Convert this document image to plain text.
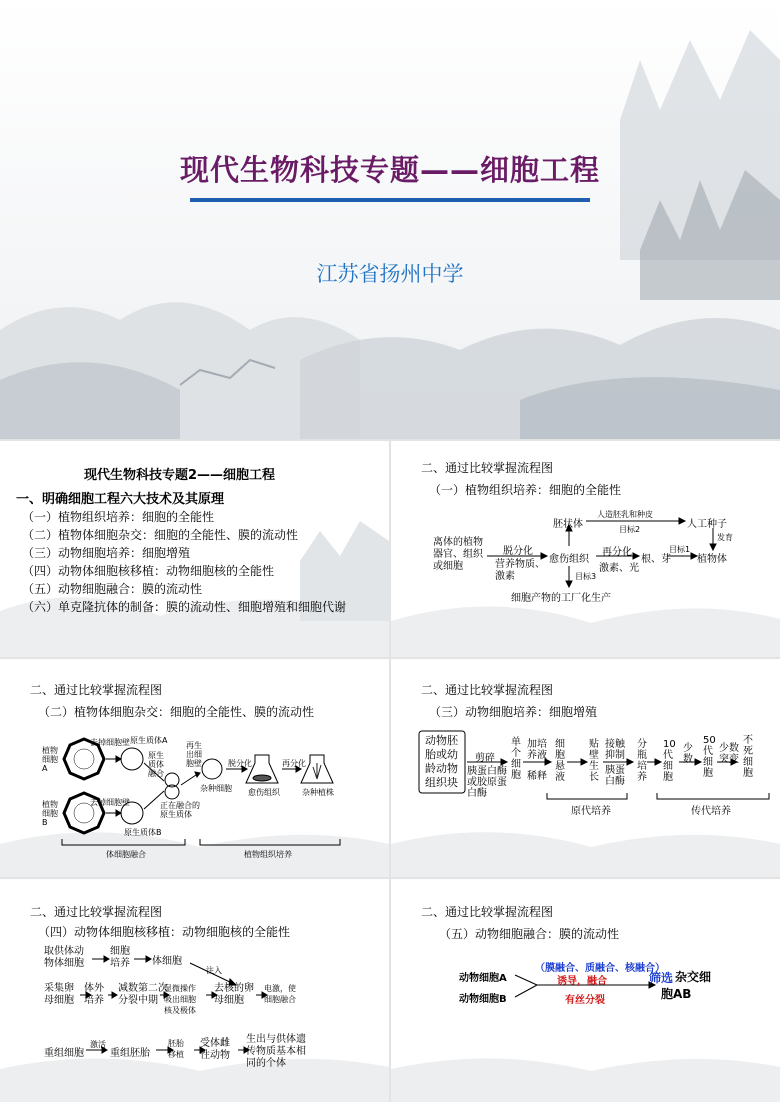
现代生物科技专题——细胞工程
江苏省扬州中学
现代生物科技专题2——细胞工程
一、明确细胞工程六大技术及其原理
（一）植物组织培养：细胞的全能性
（二）植物体细胞杂交：细胞的全能性、膜的流动性
（三）动物细胞培养：细胞增殖
（四）动物体细胞核移植：动物细胞核的全能性
（五）动物细胞融合：膜的流动性
（六）单克隆抗体的制备：膜的流动性、细胞增殖和细胞代谢
二、通过比较掌握流程图
（一）植物组织培养：细胞的全能性
离体的植物
器官、组织
或细胞
脱分化
营养物质、
激素
愈伤组织
再分化
激素、光
根、芽
目标1
植物体
胚状体
人造胚乳和种皮
目标2	人工种子
发育
目标3
细胞产物的工厂化生产
二、通过比较掌握流程图
（二）植物体细胞杂交：细胞的全能性、膜的流动性
植物
细胞
A
植物
细胞
B
去掉细胞壁
去掉细胞壁
原生质体A
原生质体B
原生
质体
融合
正在融合的
原生质体
再生
出细
胞壁
杂种细胞
脱分化
愈伤组织
再分化
杂种植株
体细胞融合	植物组织培养
二、通过比较掌握流程图
（三）动物细胞培养：细胞增殖
动物胚
胎或幼
龄动物
组织块
剪碎
胰蛋白酶
或胶原蛋
白酶
单
个
细
胞
加培
养液
稀释
细
胞
悬
液
贴
壁
生
长
接触
抑制
胰蛋
白酶
分
瓶
培
养
10
代
细
胞
少
数
50
代
细
胞
少数
突变
不
死
细
胞
原代培养	传代培养
二、通过比较掌握流程图
（四）动物体细胞核移植：动物细胞核的全能性
取供体动
物体细胞
细胞
培养 体细胞
注入
采集卵
母细胞
体外
培养
减数第二次
分裂中期
显微操作
吸出细胞
核及极体
去核的卵
母细胞
电激，使
细胞融合
重组细胞
激活
重组胚胎
胚胎
移植
受体雌
性动物
生出与供体遗
传物质基本相
同的个体
二、通过比较掌握流程图
（五）动物细胞融合：膜的流动性
动物细胞A
动物细胞B
（膜融合、质融合、核融合）
诱导，融合
有丝分裂
筛选 杂交细
胞AB
